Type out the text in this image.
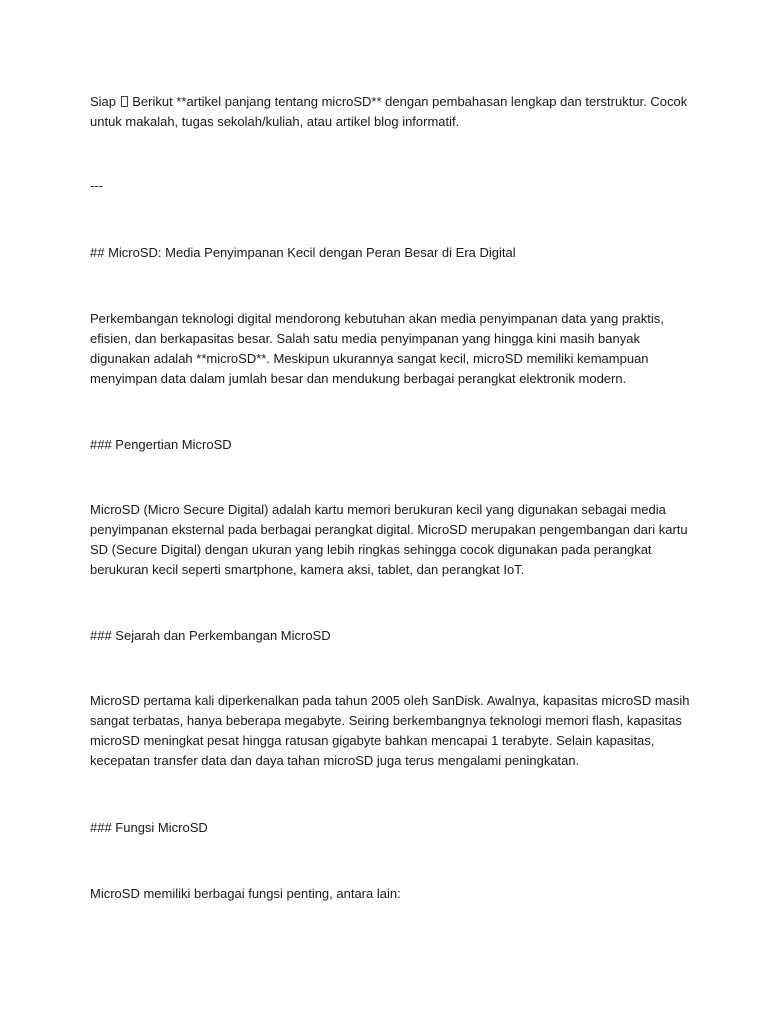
Siap  Berikut **artikel panjang tentang microSD** dengan pembahasan lengkap dan terstruktur. Cocok
untuk makalah, tugas sekolah/kuliah, atau artikel blog informatif.

---

## MicroSD: Media Penyimpanan Kecil dengan Peran Besar di Era Digital

Perkembangan teknologi digital mendorong kebutuhan akan media penyimpanan data yang praktis,
efisien, dan berkapasitas besar. Salah satu media penyimpanan yang hingga kini masih banyak
digunakan adalah **microSD**. Meskipun ukurannya sangat kecil, microSD memiliki kemampuan
menyimpan data dalam jumlah besar dan mendukung berbagai perangkat elektronik modern.

### Pengertian MicroSD

MicroSD (Micro Secure Digital) adalah kartu memori berukuran kecil yang digunakan sebagai media
penyimpanan eksternal pada berbagai perangkat digital. MicroSD merupakan pengembangan dari kartu
SD (Secure Digital) dengan ukuran yang lebih ringkas sehingga cocok digunakan pada perangkat
berukuran kecil seperti smartphone, kamera aksi, tablet, dan perangkat IoT.

### Sejarah dan Perkembangan MicroSD

MicroSD pertama kali diperkenalkan pada tahun 2005 oleh SanDisk. Awalnya, kapasitas microSD masih
sangat terbatas, hanya beberapa megabyte. Seiring berkembangnya teknologi memori flash, kapasitas
microSD meningkat pesat hingga ratusan gigabyte bahkan mencapai 1 terabyte. Selain kapasitas,
kecepatan transfer data dan daya tahan microSD juga terus mengalami peningkatan.

### Fungsi MicroSD

MicroSD memiliki berbagai fungsi penting, antara lain:
